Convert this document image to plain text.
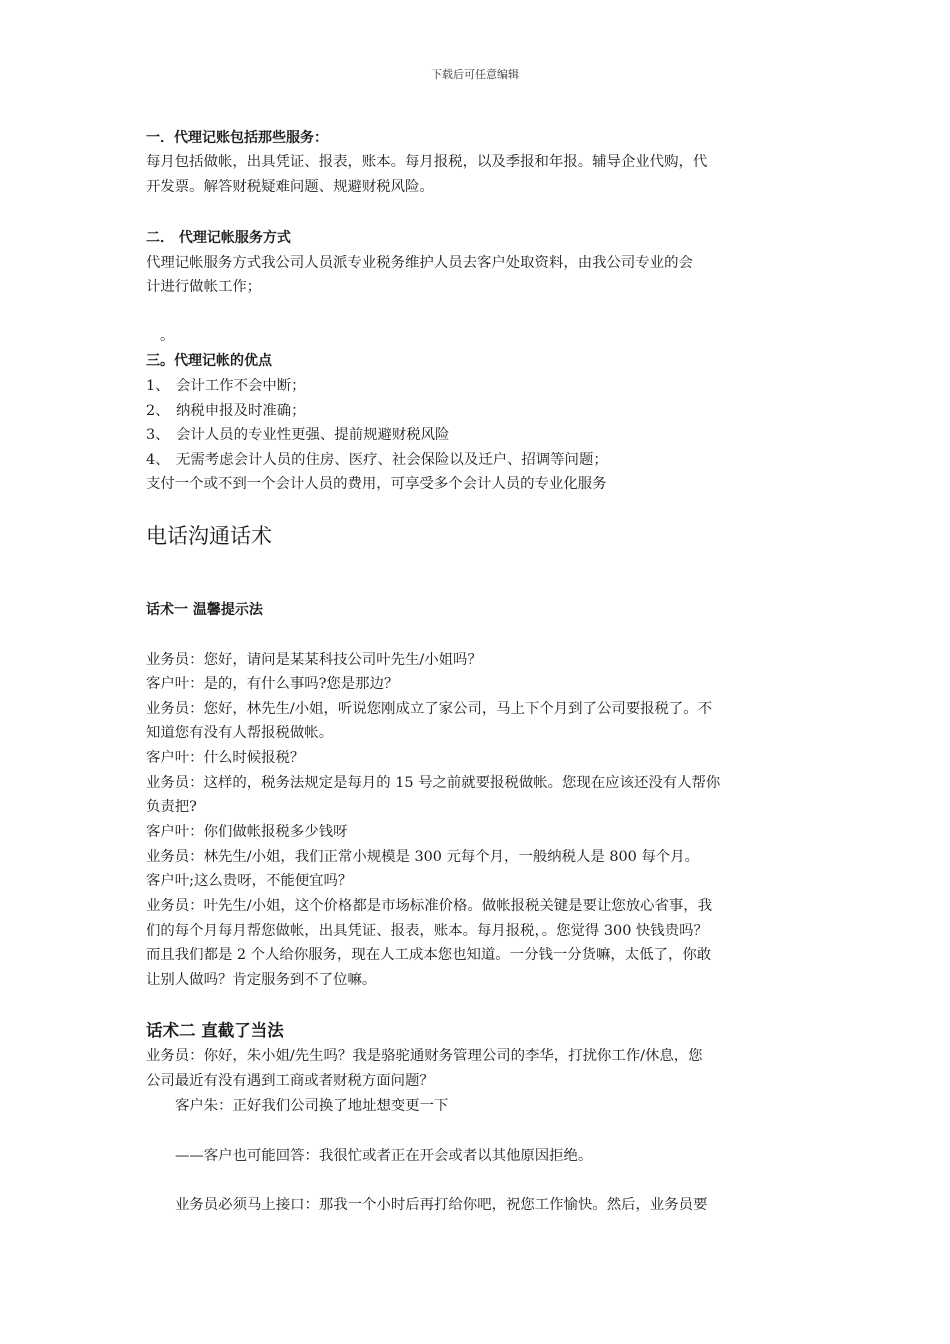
下载后可任意编辑
一．代理记账包括那些服务：
每月包括做帐，出具凭证、报表，账本。每月报税，以及季报和年报。辅导企业代购，代
开发票。解答财税疑难问题、规避财税风险。
二． 代理记帐服务方式
代理记帐服务方式我公司人员派专业税务维护人员去客户处取资料，由我公司专业的会
计进行做帐工作；
。
三。代理记帐的优点
1、 会计工作不会中断；
2、 纳税申报及时准确；
3、 会计人员的专业性更强、提前规避财税风险
4、 无需考虑会计人员的住房、医疗、社会保险以及迁户、招调等问题；
支付一个或不到一个会计人员的费用，可享受多个会计人员的专业化服务
电话沟通话术
话术一 温馨提示法
业务员：您好，请问是某某科技公司叶先生/小姐吗？
客户叶：是的，有什么事吗?您是那边？
业务员：您好，林先生/小姐，听说您刚成立了家公司，马上下个月到了公司要报税了。不
知道您有没有人帮报税做帐。
客户叶：什么时候报税？
业务员：这样的，税务法规定是每月的 15 号之前就要报税做帐。您现在应该还没有人帮你
负责把?
客户叶：你们做帐报税多少钱呀
业务员：林先生/小姐，我们正常小规模是 300 元每个月，一般纳税人是 800 每个月。
客户叶;这么贵呀，不能便宜吗？
业务员：叶先生/小姐，这个价格都是市场标准价格。做帐报税关键是要让您放心省事，我
们的每个月每月帮您做帐，出具凭证、报表，账本。每月报税，。您觉得 300 快钱贵吗？
而且我们都是 2 个人给你服务，现在人工成本您也知道。一分钱一分货嘛，太低了，你敢
让别人做吗？肯定服务到不了位嘛。
话术二 直截了当法
业务员：你好，朱小姐/先生吗？我是骆驼通财务管理公司的李华，打扰你工作/休息，您
公司最近有没有遇到工商或者财税方面问题？
客户朱：正好我们公司换了地址想变更一下
——客户也可能回答：我很忙或者正在开会或者以其他原因拒绝。
业务员必须马上接口：那我一个小时后再打给你吧，祝您工作愉快。然后，业务员要
